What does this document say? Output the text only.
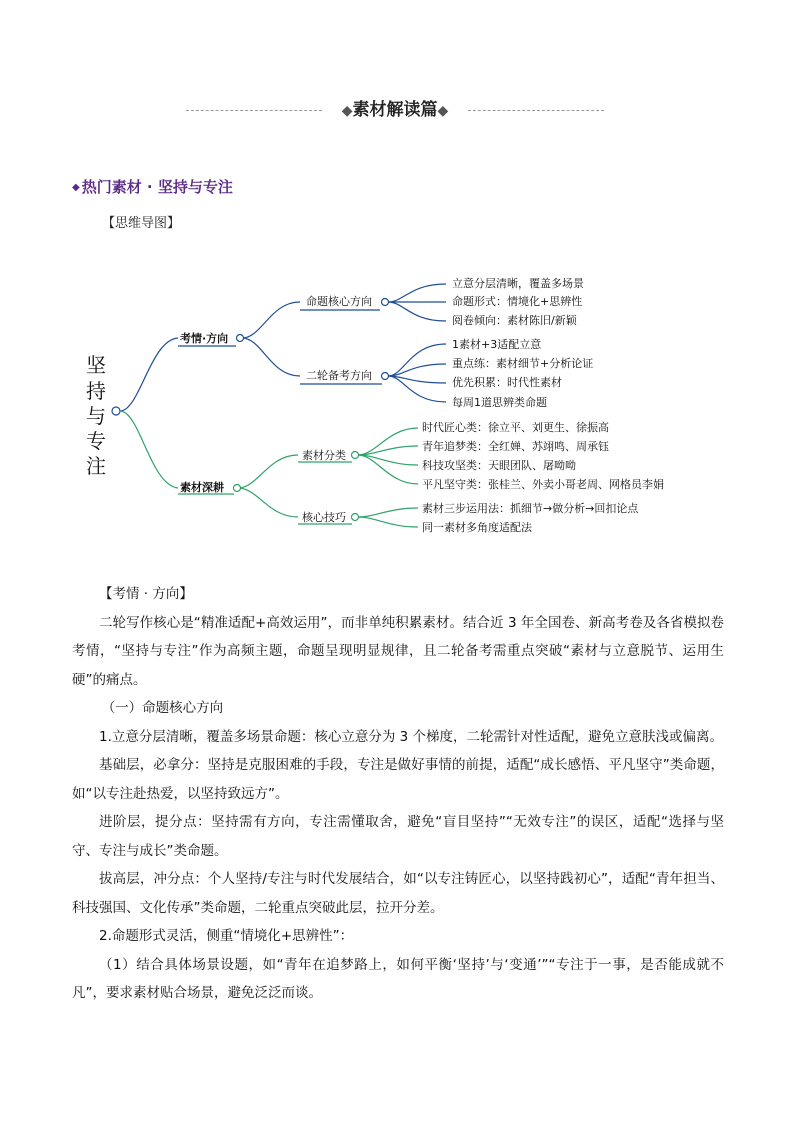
◆素材解读篇◆
◆ 热门素材 · 坚持与专注
【思维导图】
坚
持
与
专
注
考情·方向
命题核心方向
二轮备考方向
立意分层清晰，覆盖多场景
命题形式：情境化+思辨性
阅卷倾向：素材陈旧/新颖
1素材+3适配立意
重点练：素材细节+分析论证
优先积累：时代性素材
每周1道思辨类命题
素材深耕
素材分类
核心技巧
时代匠心类：徐立平、刘更生、徐振高
青年追梦类：全红婵、苏翊鸣、周承钰
科技攻坚类：天眼团队、屠呦呦
平凡坚守类：张桂兰、外卖小哥老周、网格员李娟
素材三步运用法：抓细节→做分析→回扣论点
同一素材多角度适配法

【考情 · 方向】

二轮写作核心是“精准适配+高效运用”，而非单纯积累素材。结合近 3 年全国卷、新高考卷及各省模拟卷考情，“坚持与专注”作为高频主题，命题呈现明显规律，且二轮备考需重点突破“素材与立意脱节、运用生硬”的痛点。

（一）命题核心方向

1.立意分层清晰，覆盖多场景命题：核心立意分为 3 个梯度，二轮需针对性适配，避免立意肤浅或偏离。

基础层，必拿分：坚持是克服困难的手段，专注是做好事情的前提，适配“成长感悟、平凡坚守”类命题，如“以专注赴热爱，以坚持致远方”。

进阶层，提分点：坚持需有方向，专注需懂取舍，避免“盲目坚持”“无效专注”的误区，适配“选择与坚守、专注与成长”类命题。

拔高层，冲分点：个人坚持/专注与时代发展结合，如“以专注铸匠心，以坚持践初心”，适配“青年担当、科技强国、文化传承”类命题，二轮重点突破此层，拉开分差。

2.命题形式灵活，侧重“情境化+思辨性”：

（1）结合具体场景设题，如“青年在追梦路上，如何平衡‘坚持’与‘变通’”“专注于一事，是否能成就不凡”，要求素材贴合场景，避免泛泛而谈。
